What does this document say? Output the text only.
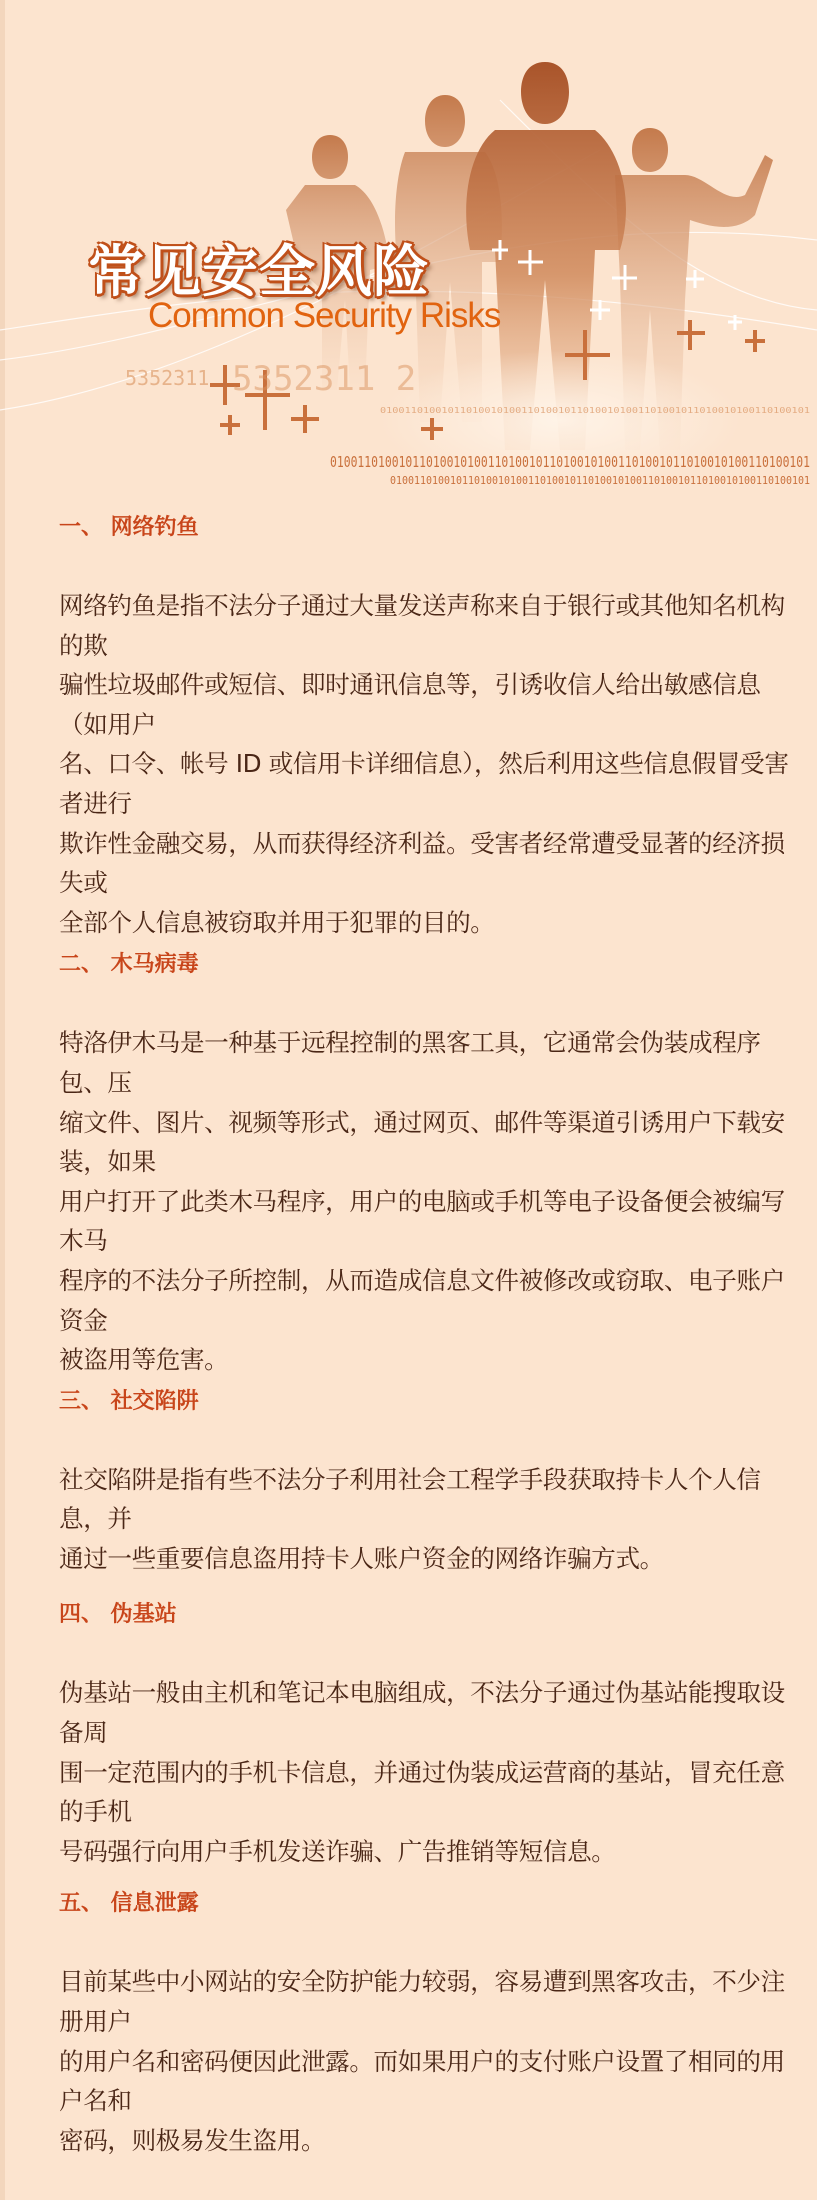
5352311 5352311 2
0100110100101101001010011010010110100101001101001011010010100110100101
0100110100101101001010011010010110100101001101001011010010100110100101
0100110100101101001010011010010110100101001101001011010010100110100101
常见安全风险
Common Security Risks
一、 网络钓鱼

网络钓鱼是指不法分子通过大量发送声称来自于银行或其他知名机构的欺
骗性垃圾邮件或短信、即时通讯信息等，引诱收信人给出敏感信息（如用户
名、口令、帐号 ID 或信用卡详细信息），然后利用这些信息假冒受害者进行
欺诈性金融交易，从而获得经济利益。受害者经常遭受显著的经济损失或
全部个人信息被窃取并用于犯罪的目的。

二、 木马病毒

特洛伊木马是一种基于远程控制的黑客工具，它通常会伪装成程序包、压
缩文件、图片、视频等形式，通过网页、邮件等渠道引诱用户下载安装，如果
用户打开了此类木马程序，用户的电脑或手机等电子设备便会被编写木马
程序的不法分子所控制，从而造成信息文件被修改或窃取、电子账户资金
被盗用等危害。

三、 社交陷阱

社交陷阱是指有些不法分子利用社会工程学手段获取持卡人个人信息，并
通过一些重要信息盗用持卡人账户资金的网络诈骗方式。

四、 伪基站

伪基站一般由主机和笔记本电脑组成，不法分子通过伪基站能搜取设备周
围一定范围内的手机卡信息，并通过伪装成运营商的基站，冒充任意的手机
号码强行向用户手机发送诈骗、广告推销等短信息。

五、 信息泄露

目前某些中小网站的安全防护能力较弱，容易遭到黑客攻击，不少注册用户
的用户名和密码便因此泄露。而如果用户的支付账户设置了相同的用户名和
密码，则极易发生盗用。
